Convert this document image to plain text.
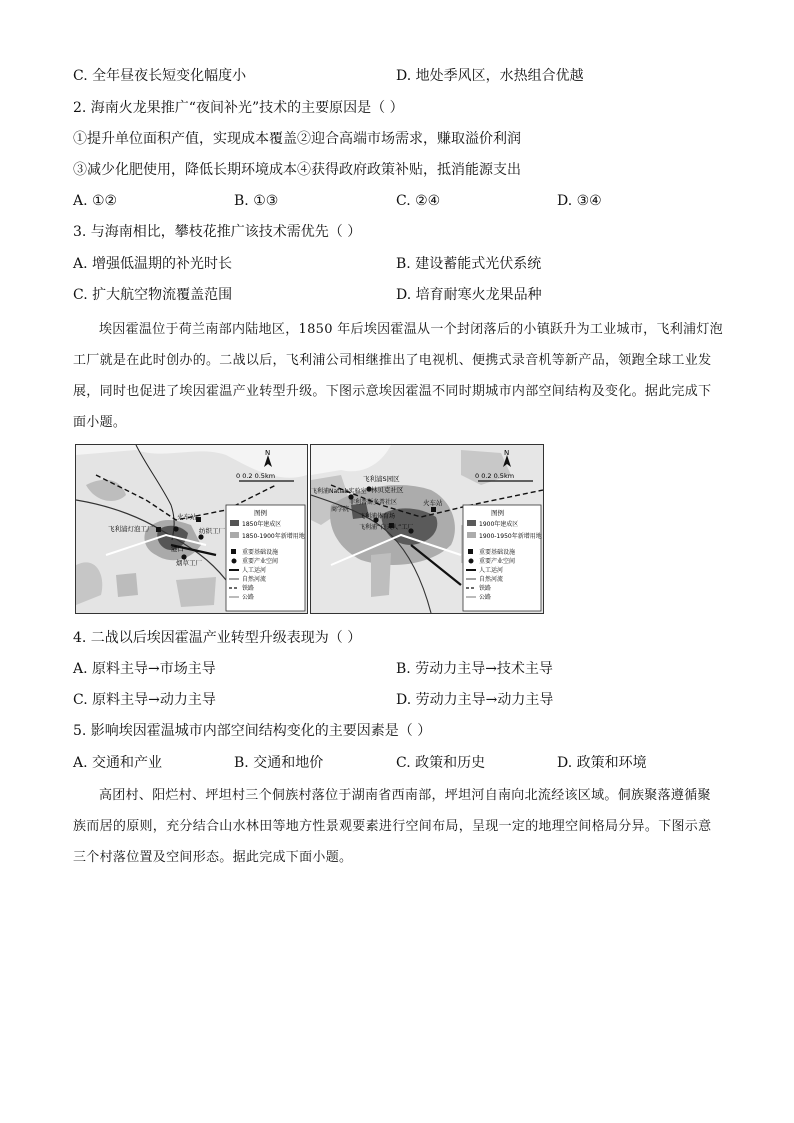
C. 全年昼夜长短变化幅度小	D. 地处季风区，水热组合优越
2. 海南火龙果推广“夜间补光”技术的主要原因是（ ）
①提升单位面积产值，实现成本覆盖②迎合高端市场需求，赚取溢价利润
③减少化肥使用，降低长期环境成本④获得政府政策补贴，抵消能源支出
A. ①②	B. ①③	C. ②④	D. ③④
3. 与海南相比，攀枝花推广该技术需优先（ ）
A. 增强低温期的补光时长	B. 建设蓄能式光伏系统
C. 扩大航空物流覆盖范围	D. 培育耐寒火龙果品种
埃因霍温位于荷兰南部内陆地区，1850 年后埃因霍温从一个封闭落后的小镇跃升为工业城市，飞利浦灯泡工厂就是在此时创办的。二战以后，飞利浦公司相继推出了电视机、便携式录音机等新产品，领跑全球工业发展，同时也促进了埃因霍温产业转型升级。下图示意埃因霍温不同时期城市内部空间结构及变化。据此完成下面小题。
火车站
飞利浦灯泡工厂	纺织工厂
港口
烟草工厂
N
0 0.2 0.5km
图例
1850年建成区
1850-1900年新增用地
重要基础设施
重要产业空间
人工运河
自然河流
铁路
公路
飞利浦S园区
飞利浦Natlab实验室 林贝克社区
菲利普斯多普社区	火车站
商学院
飞利浦体育场
飞利浦“白夫人”工厂
N
0 0.2 0.5km
图例
1900年建成区
1900-1950年新增用地
重要基础设施
重要产业空间
人工运河
自然河流
铁路
公路
4. 二战以后埃因霍温产业转型升级表现为（ ）
A. 原料主导→市场主导	B. 劳动力主导→技术主导
C. 原料主导→动力主导	D. 劳动力主导→动力主导
5. 影响埃因霍温城市内部空间结构变化的主要因素是（ ）
A. 交通和产业	B. 交通和地价	C. 政策和历史	D. 政策和环境
高团村、阳烂村、坪坦村三个侗族村落位于湖南省西南部，坪坦河自南向北流经该区域。侗族聚落遵循聚族而居的原则，充分结合山水林田等地方性景观要素进行空间布局，呈现一定的地理空间格局分异。下图示意三个村落位置及空间形态。据此完成下面小题。
